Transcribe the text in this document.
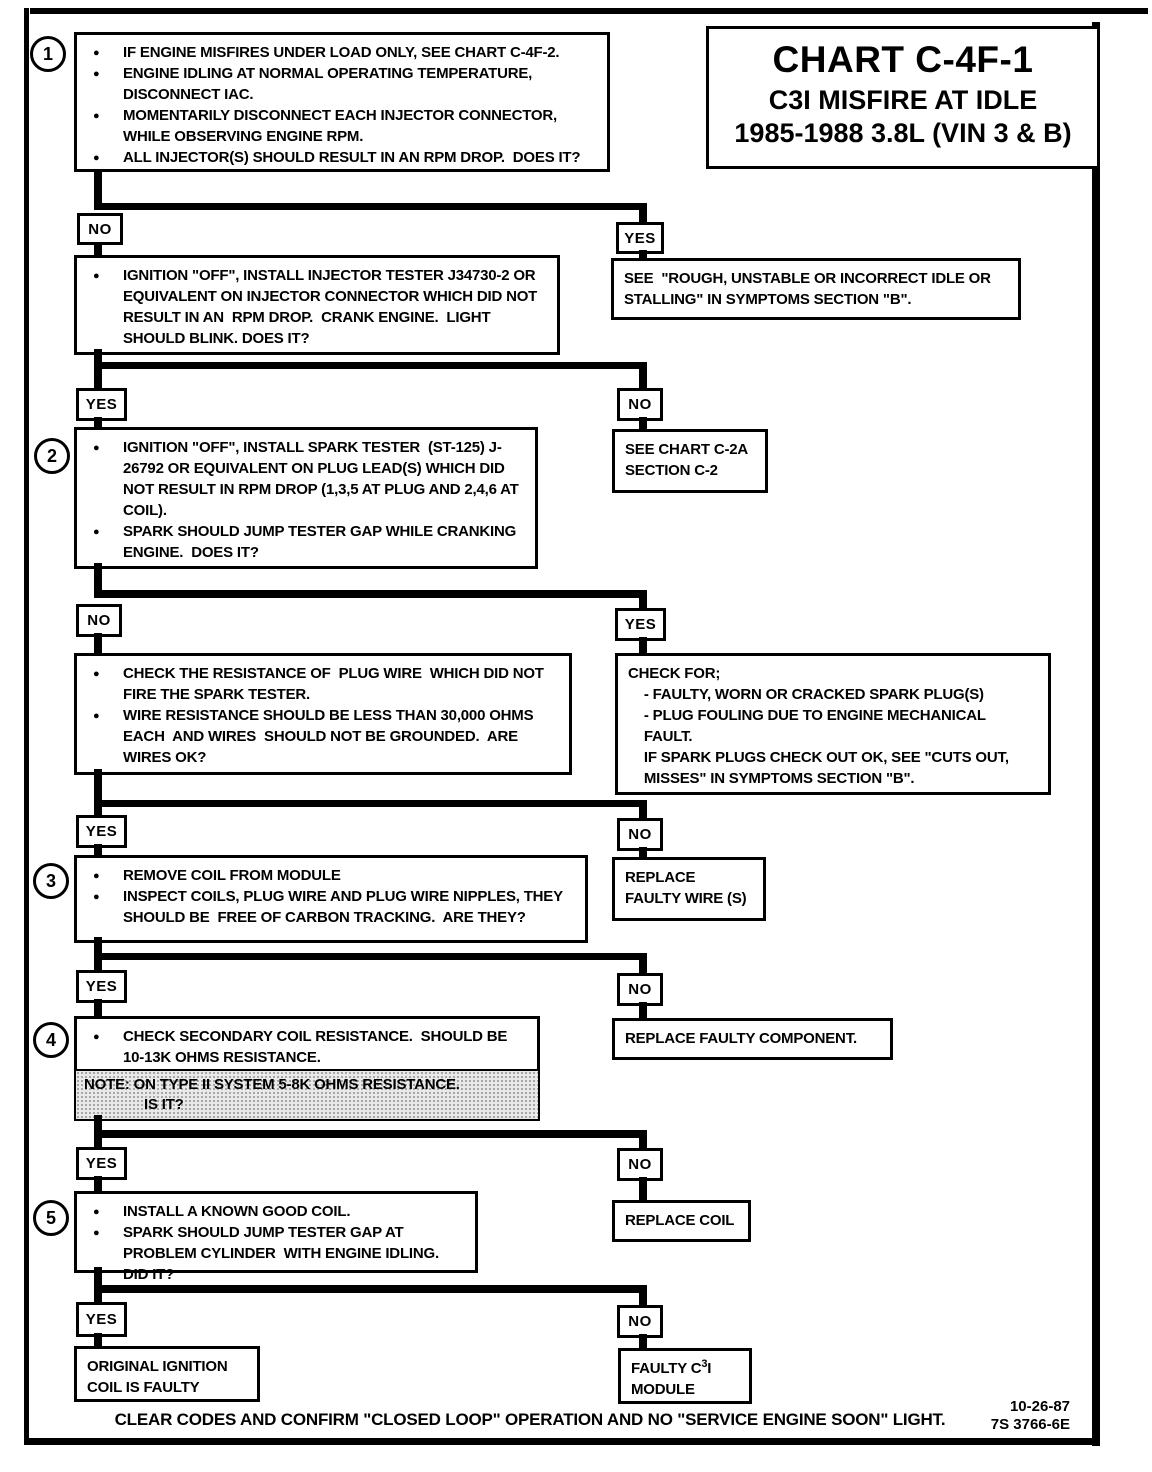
CHART C-4F-1
C3I MISFIRE AT IDLE
1985-1988 3.8L (VIN 3 & B)
1
2
3
4
5
● IF ENGINE MISFIRES UNDER LOAD ONLY, SEE CHART C-4F-2.
● ENGINE IDLING AT NORMAL OPERATING TEMPERATURE, DISCONNECT IAC.
● MOMENTARILY DISCONNECT EACH INJECTOR CONNECTOR, WHILE OBSERVING ENGINE RPM.
● ALL INJECTOR(S) SHOULD RESULT IN AN RPM DROP.  DOES IT?
NO
YES
● IGNITION "OFF", INSTALL INJECTOR TESTER J34730-2 OR EQUIVALENT ON INJECTOR CONNECTOR WHICH DID NOT RESULT IN AN  RPM DROP.  CRANK ENGINE.  LIGHT SHOULD BLINK. DOES IT?
SEE  "ROUGH, UNSTABLE OR INCORRECT IDLE OR
STALLING" IN SYMPTOMS SECTION "B".
YES	NO
● IGNITION "OFF", INSTALL SPARK TESTER  (ST-125) J-26792 OR EQUIVALENT ON PLUG LEAD(S) WHICH DID NOT RESULT IN RPM DROP (1,3,5 AT PLUG AND 2,4,6 AT COIL).
● SPARK SHOULD JUMP TESTER GAP WHILE CRANKING ENGINE.  DOES IT?
SEE CHART C-2A
SECTION C-2
NO	YES
● CHECK THE RESISTANCE OF  PLUG WIRE  WHICH DID NOT FIRE THE SPARK TESTER.
● WIRE RESISTANCE SHOULD BE LESS THAN 30,000 OHMS EACH  AND WIRES  SHOULD NOT BE GROUNDED.  ARE WIRES OK?
CHECK FOR;
- FAULTY, WORN OR CRACKED SPARK PLUG(S)
- PLUG FOULING DUE TO ENGINE MECHANICAL
FAULT.
IF SPARK PLUGS CHECK OUT OK, SEE "CUTS OUT,
MISSES" IN SYMPTOMS SECTION "B".
YES	NO
● REMOVE COIL FROM MODULE
● INSPECT COILS, PLUG WIRE AND PLUG WIRE NIPPLES, THEY SHOULD BE  FREE OF CARBON TRACKING.  ARE THEY?
REPLACE
FAULTY WIRE (S)
YES	NO
● CHECK SECONDARY COIL RESISTANCE.  SHOULD BE 10-13K OHMS RESISTANCE.
NOTE: ON TYPE II SYSTEM 5-8K OHMS RESISTANCE.
IS IT?
REPLACE FAULTY COMPONENT.
YES	NO
● INSTALL A KNOWN GOOD COIL.
● SPARK SHOULD JUMP TESTER GAP AT PROBLEM CYLINDER  WITH ENGINE IDLING.  DID IT?
REPLACE COIL
YES	NO
ORIGINAL IGNITION
COIL IS FAULTY
FAULTY $C^3I$
MODULE
CLEAR CODES AND CONFIRM "CLOSED LOOP" OPERATION AND NO "SERVICE ENGINE SOON" LIGHT.
10-26-87
7S 3766-6E
